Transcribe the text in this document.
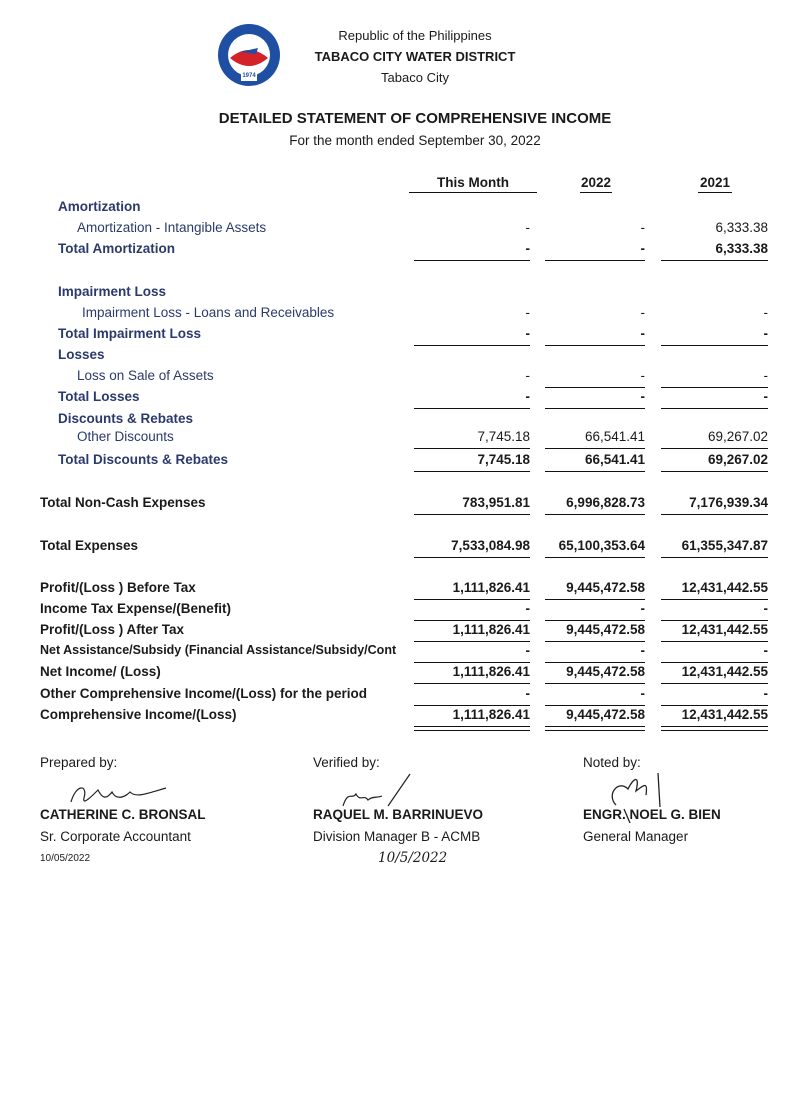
1974
Republic of the Philippines
TABACO CITY WATER DISTRICT
Tabaco City
DETAILED STATEMENT OF COMPREHENSIVE INCOME
For the month ended September 30, 2022
This Month	2022	2021
Amortization
Amortization - Intangible Assets	-	-	6,333.38
Total Amortization	-	-	6,333.38
Impairment Loss
Impairment Loss - Loans and Receivables	-	-	-
Total Impairment Loss	-	-	-
Losses
Loss on Sale of Assets	-	-	-
Total Losses	-	-	-
Discounts & Rebates
Other Discounts	7,745.18	66,541.41	69,267.02
Total Discounts & Rebates	7,745.18	66,541.41	69,267.02
Total Non-Cash Expenses	783,951.81	6,996,828.73	7,176,939.34
Total Expenses	7,533,084.98	65,100,353.64	61,355,347.87
Profit/(Loss ) Before Tax	1,111,826.41	9,445,472.58	12,431,442.55
Income Tax Expense/(Benefit)	-	-	-
Profit/(Loss ) After Tax	1,111,826.41	9,445,472.58	12,431,442.55
Net Assistance/Subsidy (Financial Assistance/Subsidy/Cont	-	-	-
Net Income/ (Loss)	1,111,826.41	9,445,472.58	12,431,442.55
Other Comprehensive Income/(Loss) for the period	-	-	-
Comprehensive Income/(Loss)	1,111,826.41	9,445,472.58	12,431,442.55
Prepared by:
CATHERINE C. BRONSAL
Sr. Corporate Accountant
10/05/2022
Verified by:
RAQUEL M. BARRINUEVO
Division Manager B - ACMB
10/5/2022
Noted by:
ENGR. NOEL G. BIEN
General Manager
